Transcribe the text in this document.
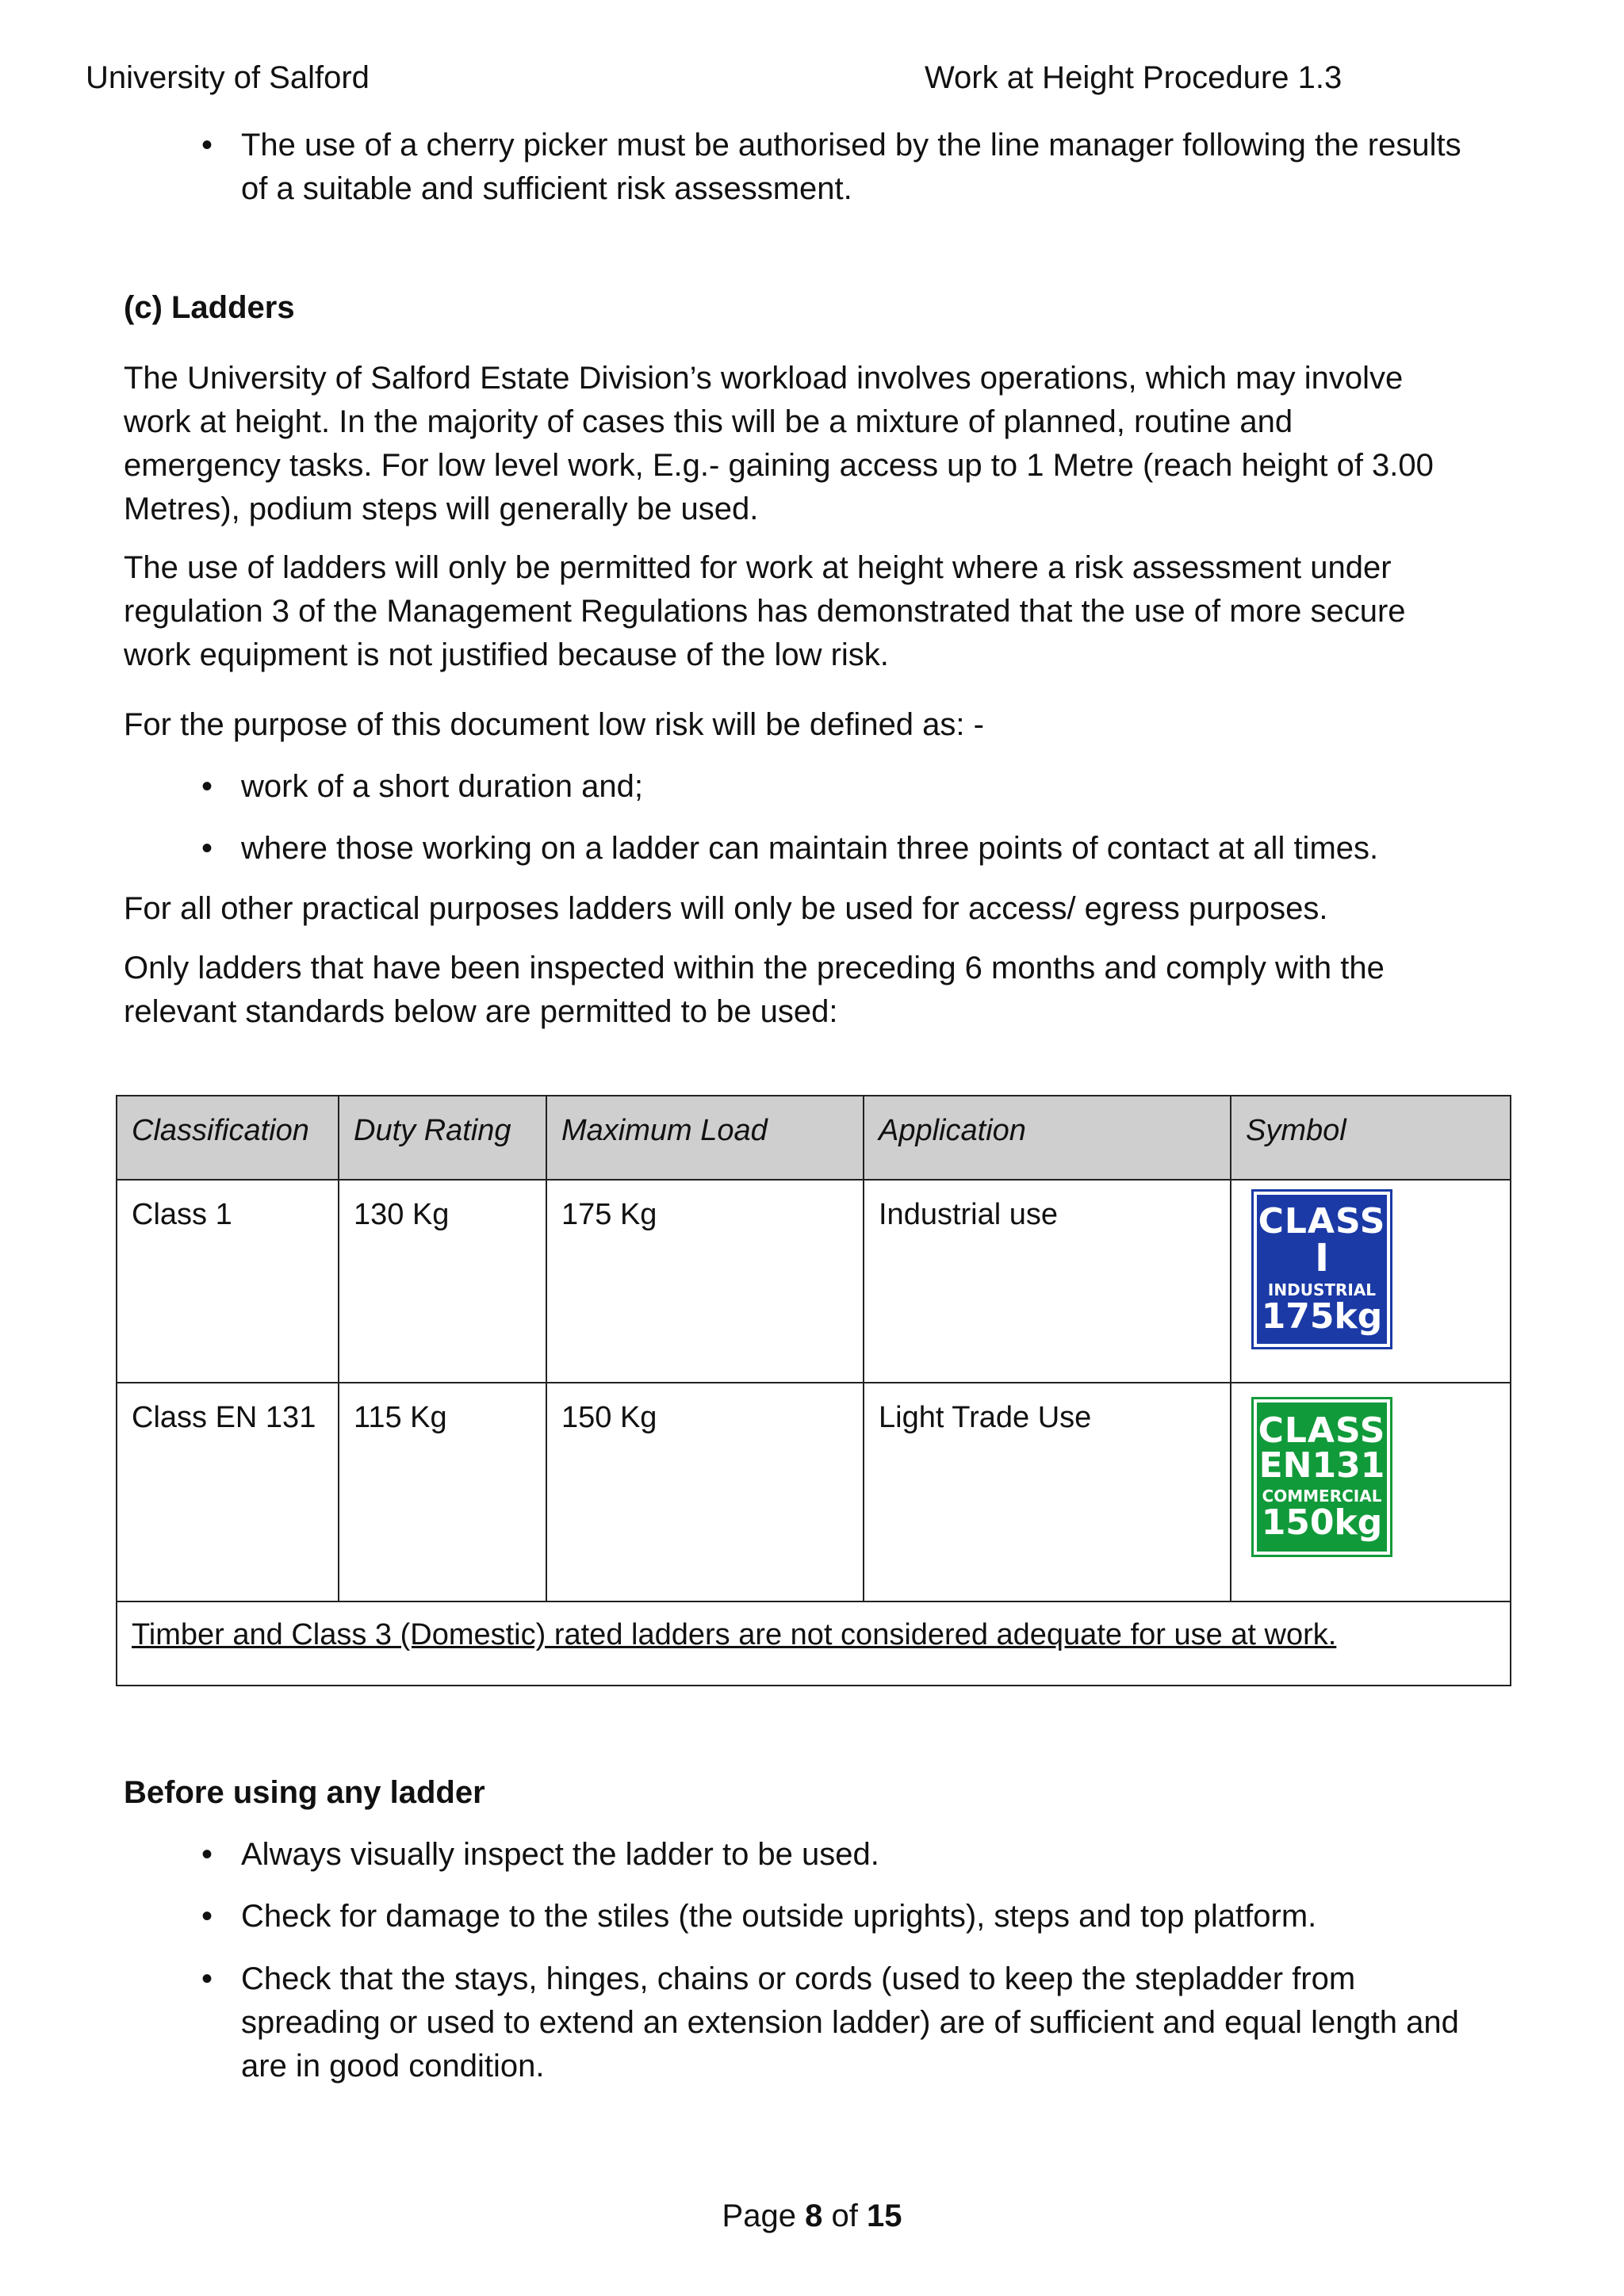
University of Salford	Work at Height Procedure 1.3
• The use of a cherry picker must be authorised by the line manager following the results
of a suitable and sufficient risk assessment.
(c) Ladders
The University of Salford Estate Division’s workload involves operations, which may involve
work at height. In the majority of cases this will be a mixture of planned, routine and
emergency tasks. For low level work, E.g.- gaining access up to 1 Metre (reach height of 3.00
Metres), podium steps will generally be used.
The use of ladders will only be permitted for work at height where a risk assessment under
regulation 3 of the Management Regulations has demonstrated that the use of more secure
work equipment is not justified because of the low risk.
For the purpose of this document low risk will be defined as: -
• work of a short duration and;
• where those working on a ladder can maintain three points of contact at all times.
For all other practical purposes ladders will only be used for access/ egress purposes.
Only ladders that have been inspected within the preceding 6 months and comply with the
relevant standards below are permitted to be used:
Classification	Duty Rating	Maximum Load	Application	Symbol
Class 1	130 Kg	175 Kg	Industrial use	CLASS
I
INDUSTRIAL
175kg

Class EN 131	115 Kg	150 Kg	Light Trade Use	CLASS
EN131
COMMERCIAL
150kg

Timber and Class 3 (Domestic) rated ladders are not considered adequate for use at work.				
Before using any ladder
• Always visually inspect the ladder to be used.
• Check for damage to the stiles (the outside uprights), steps and top platform.
• Check that the stays, hinges, chains or cords (used to keep the stepladder from
spreading or used to extend an extension ladder) are of sufficient and equal length and
are in good condition.
Page 8 of 15
